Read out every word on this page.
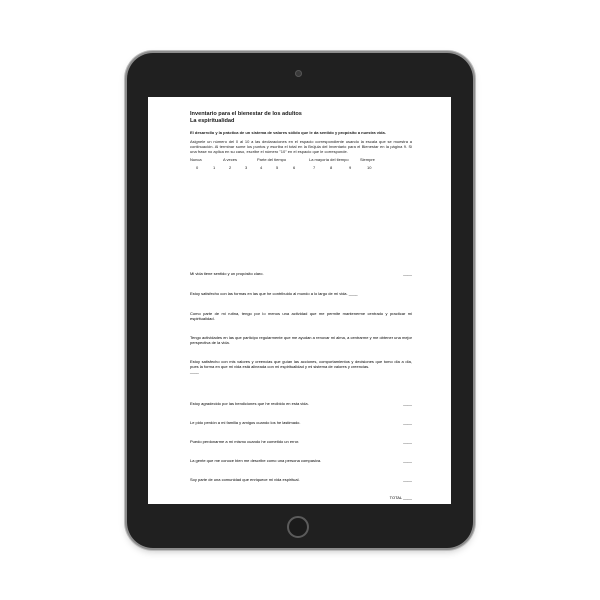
Inventario para el bienestar de los adultos
La espiritualidad
El desarrollo y la práctica de un sistema de valores sólido que le da sentido y propósito a nuestra vida.
Asignele un número del 0 al 10 a las declaraciones en el espacio correspondiente usando la escala que se muestra a continuación. Al terminar sume los puntos y escriba el total en la Brújula del Inventario para el Bienestar en la página 9. Si una frase no aplica en su caso, escribe el número "10" en el espacio que le corresponde.
Nunca	A veces	Parte del tiempo	La mayoría del tiempo	Siempre
0	1	2	3	4	5	6	7	8	9	10
Mi vida tiene sentido y un propósito claro.	____
Estoy satisfecho con las formas en las que he contribuido al mundo a lo largo de mi vida. ____
Como parte de mi rutina, tengo por lo menos una actividad que me permite mantenerme centrado y practicar mi espiritualidad.
Tengo actividades en las que participo regularmente que me ayudan a renovar mi alma, a centrarme y me obtener una mejor perspectiva de la vida.
Estoy satisfecho con mis valores y creencias que guían las acciones, comportamientos y decisiones que tomo día a día, pues la forma en que mi vida está alineada con mi espiritualidad y mi sistema de valores y creencias.
____
Estoy agradecido por las bendiciones que he recibido en esta vida.	____
Le pido perdón a mi familia y amigos cuando los he lastimado.	____
Puedo perdonarme a mí mismo cuando he cometido un error.	____
La gente que me conoce bien me describe como una persona compasiva.	____
Soy parte de una comunidad que enriquece mi vida espiritual.	____
TOTAL ____
